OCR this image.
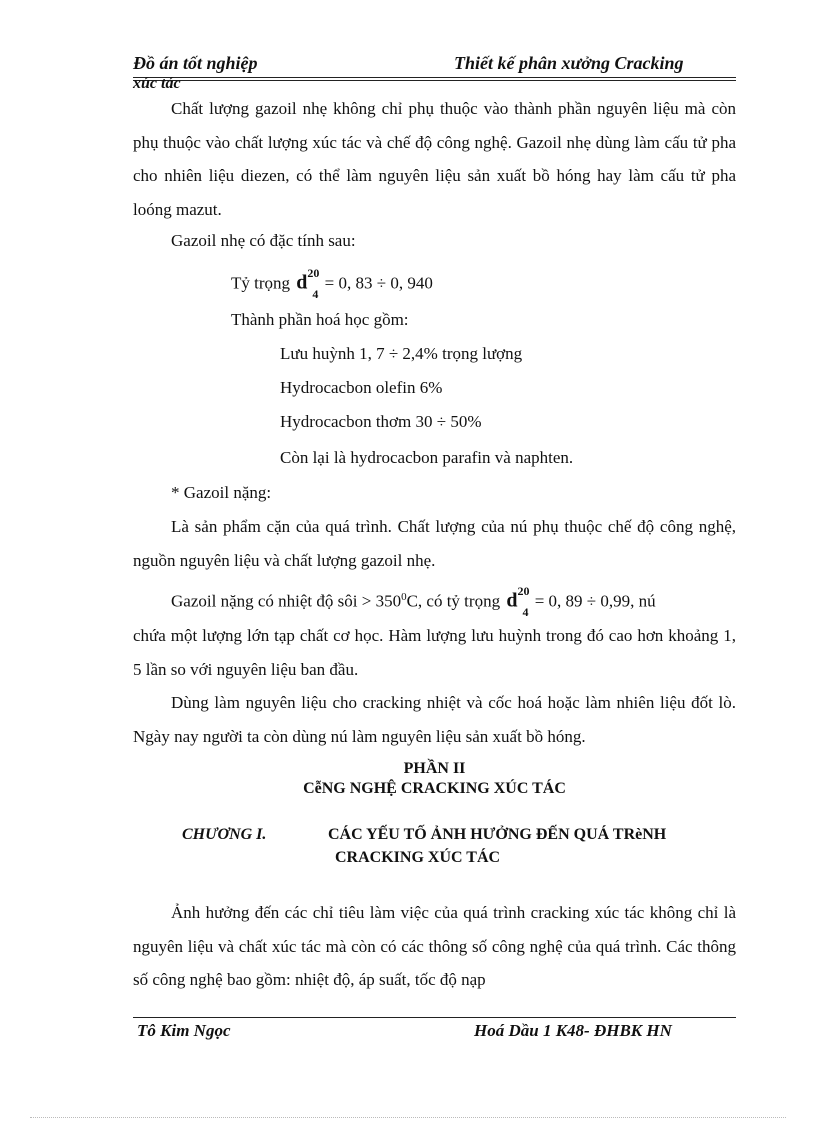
Đồ án tốt nghiệp	Thiết kế phân xưởng Cracking
xúc tác

Chất lượng gazoil nhẹ không chỉ phụ thuộc vào thành phần nguyên liệu mà còn phụ thuộc vào chất lượng xúc tác và chế độ công nghệ. Gazoil nhẹ dùng làm cấu tử pha cho nhiên liệu diezen, có thể làm nguyên liệu sản xuất bồ hóng hay làm cấu tử pha loóng mazut.

Gazoil nhẹ có đặc tính sau:
Tỷ trọng $d^{20}_4 = 0$, 83 ÷ 0, 940
Thành phần hoá học gồm:
Lưu huỳnh 1, 7 ÷ 2,4% trọng lượng
Hydrocacbon olefin 6%
Hydrocacbon thơm 30 ÷ 50%
Còn lại là hydrocacbon parafin và naphten.
* Gazoil nặng:

Là sản phẩm cặn của quá trình. Chất lượng của nú phụ thuộc chế độ công nghệ, nguồn nguyên liệu và chất lượng gazoil nhẹ.

Gazoil nặng có nhiệt độ sôi > $350^0C$, có tỷ trọng $d^{20}_4 = 0$, 89 ÷ 0,99, nú

chứa một lượng lớn tạp chất cơ học. Hàm lượng lưu huỳnh trong đó cao hơn khoảng 1, 5 lần so với nguyên liệu ban đầu.

Dùng làm nguyên liệu cho cracking nhiệt và cốc hoá hoặc làm nhiên liệu đốt lò. Ngày nay người ta còn dùng nú làm nguyên liệu sản xuất bồ hóng.

PHẦN II
CễNG NGHỆ CRACKING XÚC TÁC
CHƯƠNG I.	CÁC YẾU TỐ ẢNH HƯỞNG ĐẾN QUÁ TRèNH
CRACKING XÚC TÁC

Ảnh hưởng đến các chỉ tiêu làm việc của quá trình cracking xúc tác không chỉ là nguyên liệu và chất xúc tác mà còn có các thông số công nghệ của quá trình. Các thông số công nghệ bao gồm: nhiệt độ, áp suất, tốc độ nạp

Tô Kim Ngọc	Hoá Dầu 1 K48- ĐHBK HN
